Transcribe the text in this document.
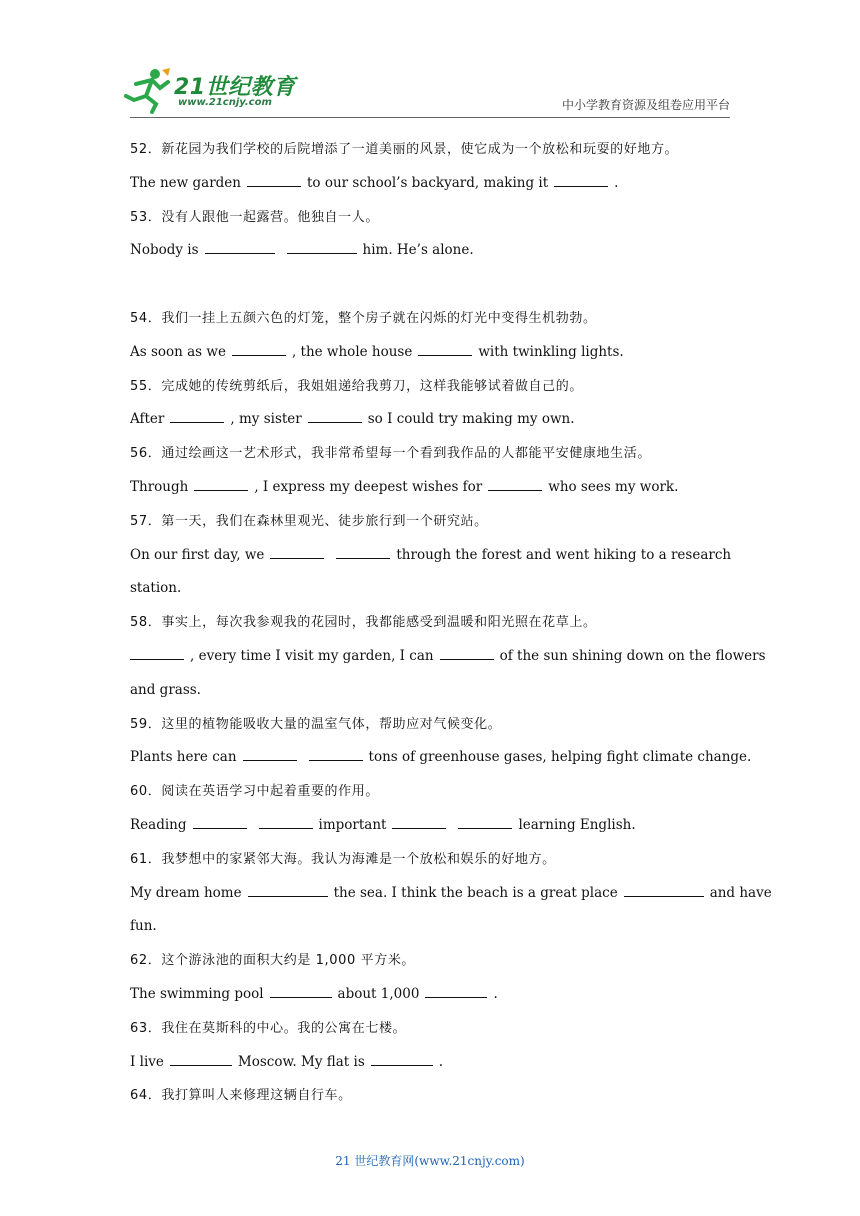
21世纪教育
www.21cnjy.com	中小学教育资源及组卷应用平台
52．新花园为我们学校的后院增添了一道美丽的风景，使它成为一个放松和玩耍的好地方。
The new garden	to our school’s backyard, making it	.
53．没有人跟他一起露营。他独自一人。
Nobody is	him. He’s alone.
54．我们一挂上五颜六色的灯笼，整个房子就在闪烁的灯光中变得生机勃勃。
As soon as we	, the whole house	with twinkling lights.
55．完成她的传统剪纸后，我姐姐递给我剪刀，这样我能够试着做自己的。
After	, my sister	so I could try making my own.
56．通过绘画这一艺术形式，我非常希望每一个看到我作品的人都能平安健康地生活。
Through	, I express my deepest wishes for	who sees my work.
57．第一天，我们在森林里观光、徒步旅行到一个研究站。
On our first day, we	through the forest and went hiking to a research
station.
58．事实上，每次我参观我的花园时，我都能感受到温暖和阳光照在花草上。
, every time I visit my garden, I can	of the sun shining down on the flowers
and grass.
59．这里的植物能吸收大量的温室气体，帮助应对气候变化。
Plants here can	tons of greenhouse gases, helping fight climate change.
60．阅读在英语学习中起着重要的作用。
Reading	important	learning English.
61．我梦想中的家紧邻大海。我认为海滩是一个放松和娱乐的好地方。
My dream home	the sea. I think the beach is a great place	and have
fun.
62．这个游泳池的面积大约是 1,000 平方米。
The swimming pool	about 1,000	.
63．我住在莫斯科的中心。我的公寓在七楼。
I live	Moscow. My flat is	.
64．我打算叫人来修理这辆自行车。
21 世纪教育网(www.21cnjy.com)
